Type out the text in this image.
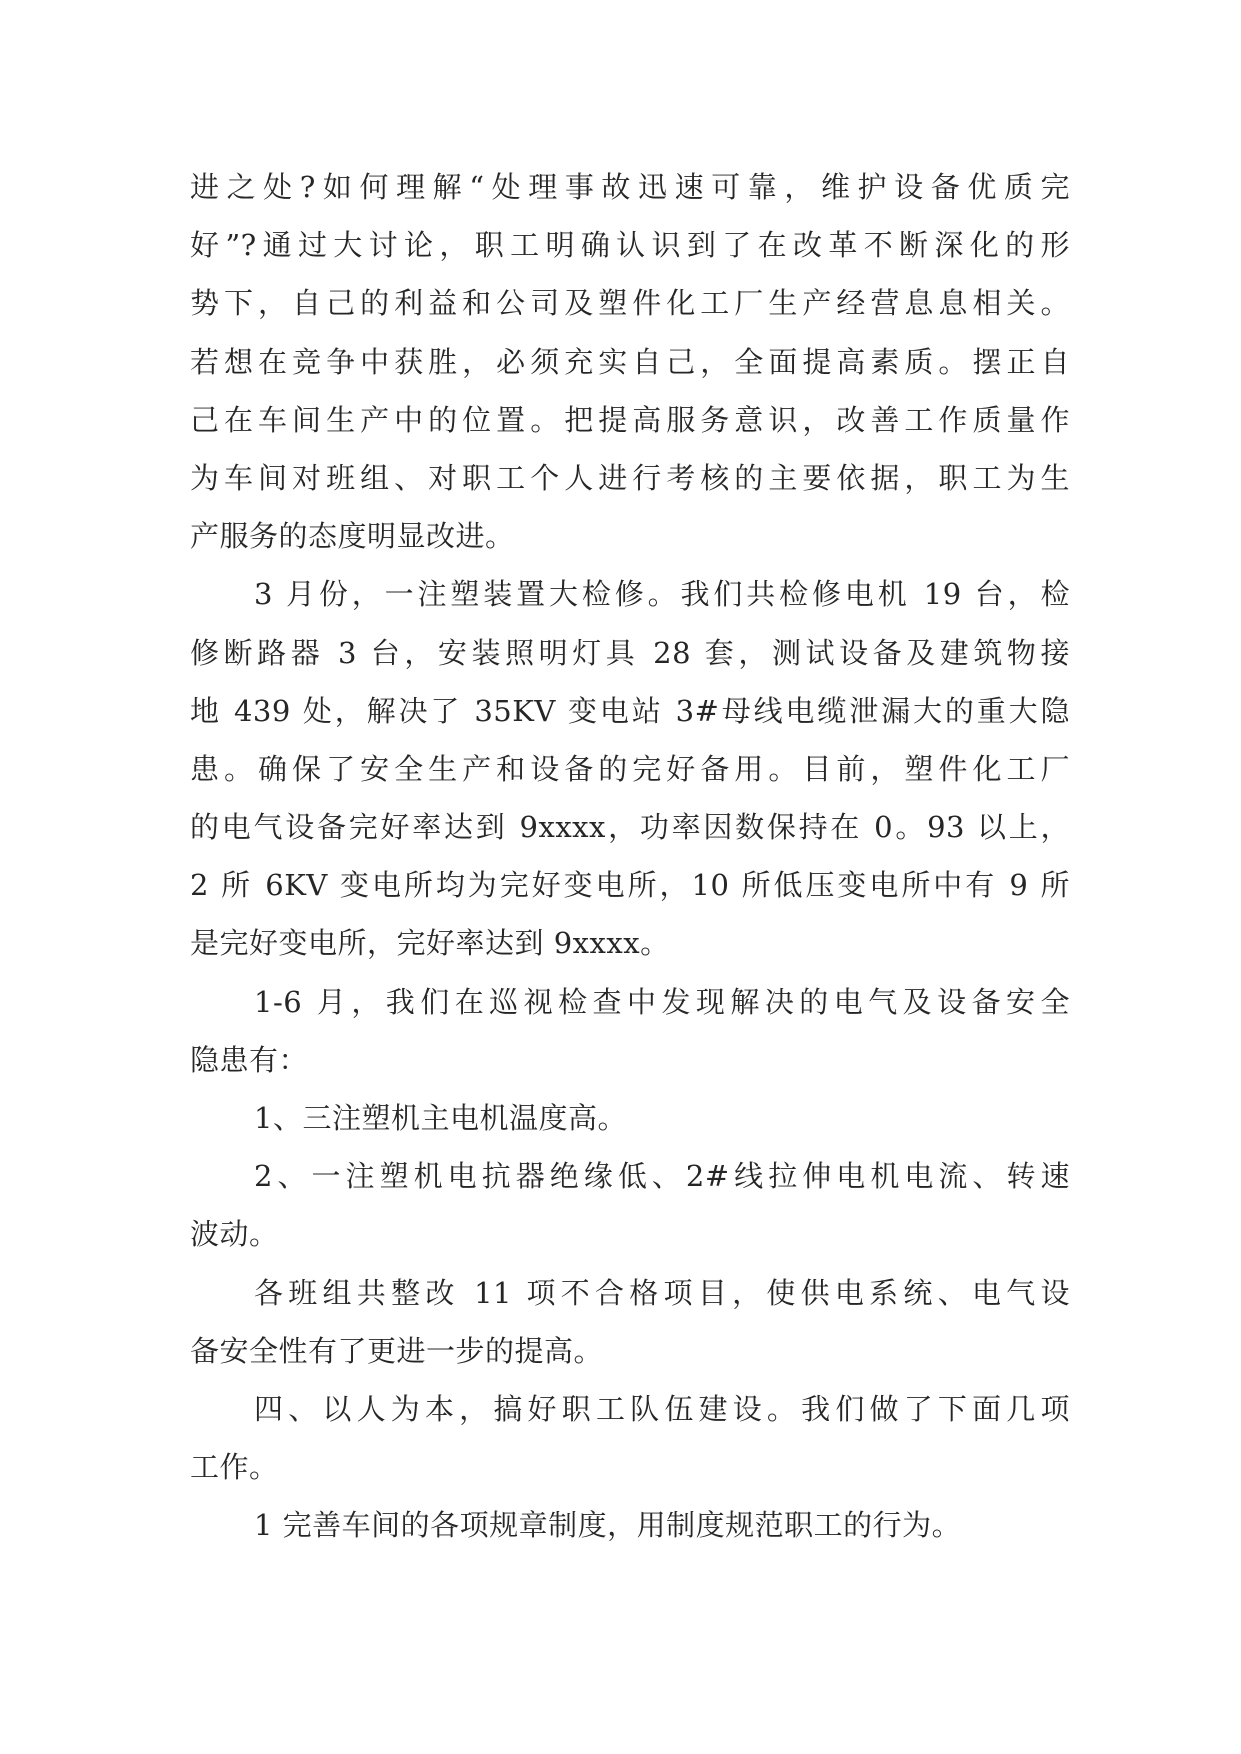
进之处?如何理解“处理事故迅速可靠，维护设备优质完
好”?通过大讨论，职工明确认识到了在改革不断深化的形
势下，自己的利益和公司及塑件化工厂生产经营息息相关。
若想在竞争中获胜，必须充实自己，全面提高素质。摆正自
己在车间生产中的位置。把提高服务意识，改善工作质量作
为车间对班组、对职工个人进行考核的主要依据，职工为生
产服务的态度明显改进。
3 月份，一注塑装置大检修。我们共检修电机 19 台，检
修断路器 3 台，安装照明灯具 28 套，测试设备及建筑物接
地 439 处，解决了 35KV 变电站 3#母线电缆泄漏大的重大隐
患。确保了安全生产和设备的完好备用。目前，塑件化工厂
的电气设备完好率达到 9xxxx，功率因数保持在 0。93 以上，
2 所 6KV 变电所均为完好变电所，10 所低压变电所中有 9 所
是完好变电所，完好率达到 9xxxx。
1-6 月，我们在巡视检查中发现解决的电气及设备安全
隐患有：
1、三注塑机主电机温度高。
2、一注塑机电抗器绝缘低、2#线拉伸电机电流、转速
波动。
各班组共整改 11 项不合格项目，使供电系统、电气设
备安全性有了更进一步的提高。
四、以人为本，搞好职工队伍建设。我们做了下面几项
工作。
1 完善车间的各项规章制度，用制度规范职工的行为。
